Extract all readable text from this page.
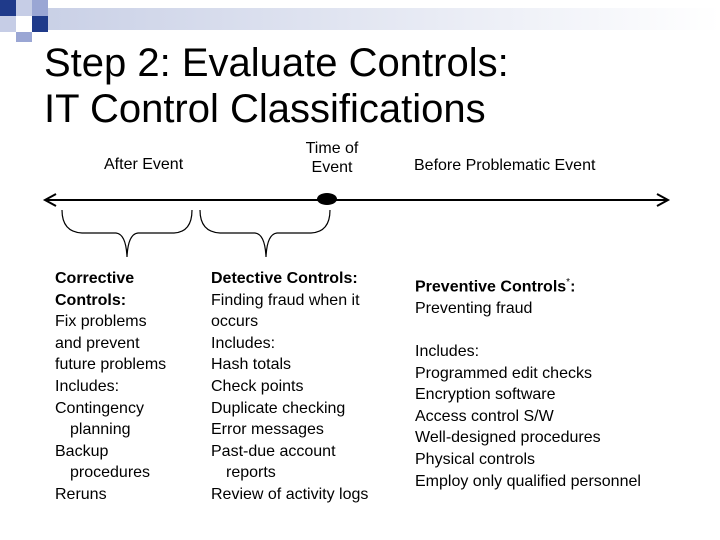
Step 2: Evaluate Controls:
IT Control Classifications
After Event
Time of
Event	Before Problematic Event
Corrective
Controls:
Fix problems
and prevent
future problems
Includes:
Contingency
planning
Backup
procedures
Reruns
Detective Controls:
Finding fraud when it
occurs
Includes:
Hash totals
Check points
Duplicate checking
Error messages
Past-due account
reports
Review of activity logs
Preventive Controls*:
Preventing fraud
Includes:
Programmed edit checks
Encryption software
Access control S/W
Well-designed procedures
Physical controls
Employ only qualified personnel
